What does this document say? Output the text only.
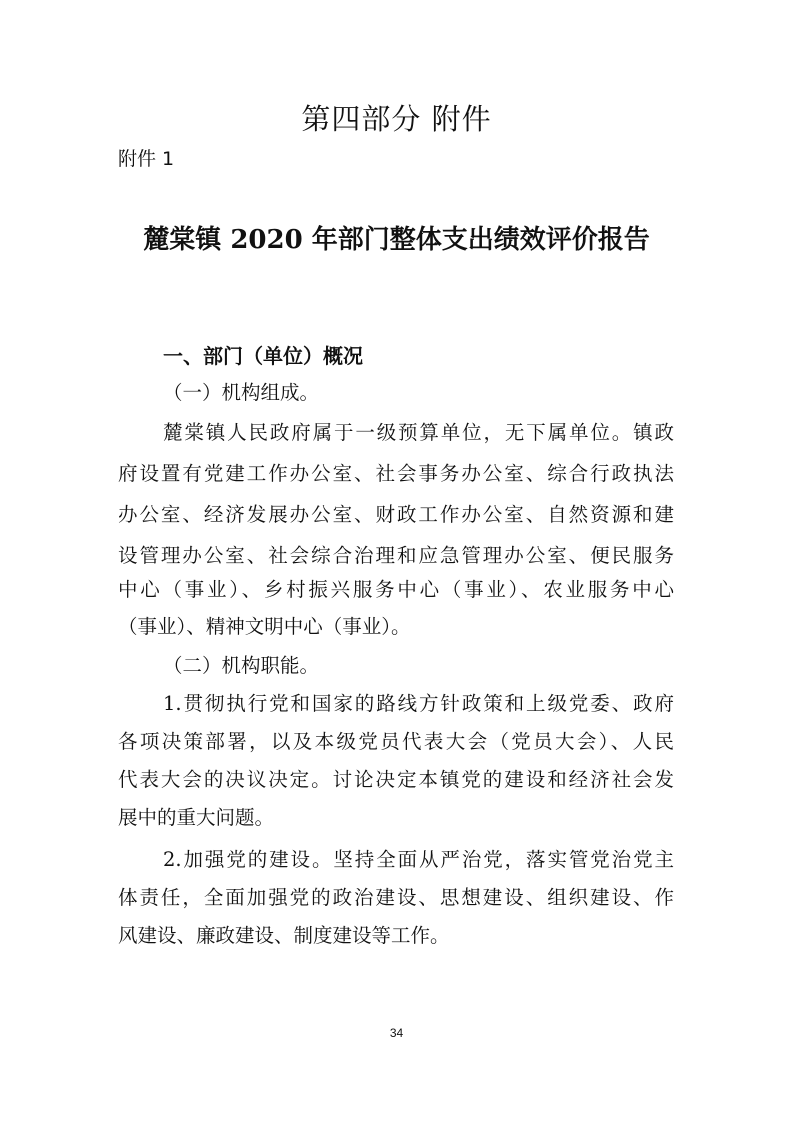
第四部分 附件
附件 1
麓棠镇 2020 年部门整体支出绩效评价报告
一、部门（单位）概况
（一）机构组成。
麓棠镇人民政府属于一级预算单位，无下属单位。镇政
府设置有党建工作办公室、社会事务办公室、综合行政执法
办公室、经济发展办公室、财政工作办公室、自然资源和建
设管理办公室、社会综合治理和应急管理办公室、便民服务
中心（事业）、乡村振兴服务中心（事业）、农业服务中心
（事业）、精神文明中心（事业）。
（二）机构职能。
1.贯彻执行党和国家的路线方针政策和上级党委、政府
各项决策部署，以及本级党员代表大会（党员大会）、人民
代表大会的决议决定。讨论决定本镇党的建设和经济社会发
展中的重大问题。
2.加强党的建设。坚持全面从严治党，落实管党治党主
体责任，全面加强党的政治建设、思想建设、组织建设、作
风建设、廉政建设、制度建设等工作。
34
